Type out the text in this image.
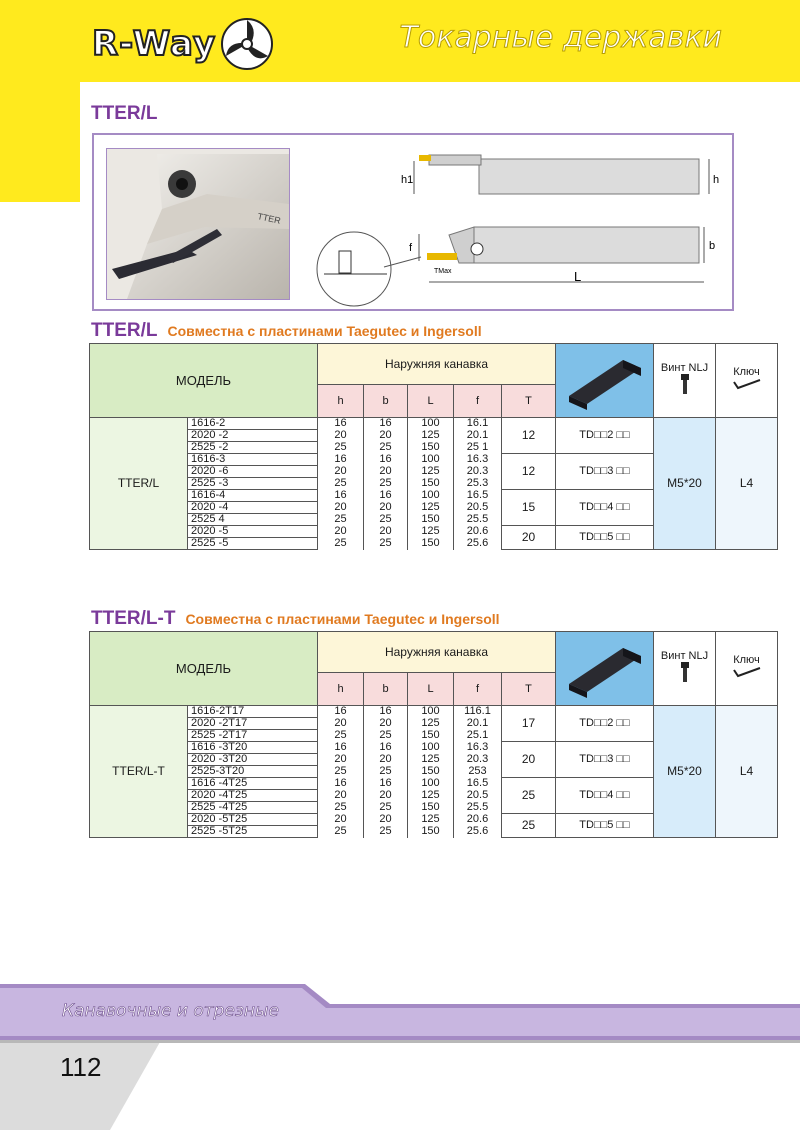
R-Way	Токарные державки
TTER/L
TTER
h1	h
f	b
L
TMax
TTER/L Совместна с пластинами Taegutec и Ingersoll
МОДЕЛЬ		Наружняя канавка						Винт NLJ	Ключ

		h	b	L	f	T			
TTER/L	1616-2	16	16	100	16.1	12	TD□□2 □□	M5*20	L4
	2020 -2	20	20	125	20.1				
	2525 -2	25	25	150	25 1				
	1616-3	16	16	100	16.3	12	TD□□3 □□		
	2020 -6	20	20	125	20.3				
	2525 -3	25	25	150	25.3				
	1616-4	16	16	100	16.5	15	TD□□4 □□		
	2020 -4	20	20	125	20.5				
	2525 4	25	25	150	25.5				
	2020 -5	20	20	125	20.6	20	TD□□5 □□		
	2525 -5	25	25	150	25.6				
TTER/L-T Совместна с пластинами Taegutec и Ingersoll
МОДЕЛЬ		Наружняя канавка						Винт NLJ	Ключ

		h	b	L	f	T			
TTER/L-T	1616-2T17	16	16	100	116.1	17	TD□□2 □□	M5*20	L4
	2020 -2T17	20	20	125	20.1				
	2525 -2T17	25	25	150	25.1				
	1616 -3T20	16	16	100	16.3	20	TD□□3 □□		
	2020 -3T20	20	20	125	20.3				
	2525-3T20	25	25	150	253				
	1616 -4T25	16	16	100	16.5	25	TD□□4 □□		
	2020 -4T25	20	20	125	20.5				
	2525 -4T25	25	25	150	25.5				
	2020 -5T25	20	20	125	20.6	25	TD□□5 □□		
	2525 -5T25	25	25	150	25.6				
Канавочные и отрезные
112
